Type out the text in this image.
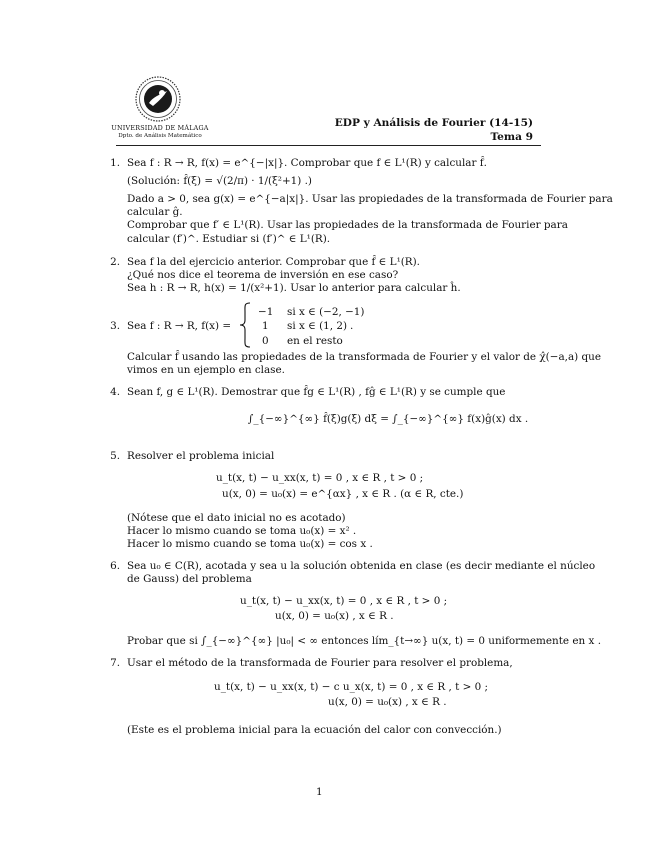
UNIVERSIDAD DE MÁLAGA
Dpto. de Análisis Matemático
EDP y Análisis de Fourier (14-15)
Tema 9
1. Sea f : R → R, f(x) = e^{−|x|}. Comprobar que f ∈ L¹(R) y calcular f̂.
(Solución: f̂(ξ) = √(2/π) · 1/(ξ²+1) .)
Dado a > 0, sea g(x) = e^{−a|x|}. Usar las propiedades de la transformada de Fourier para
calcular ĝ.
Comprobar que f′ ∈ L¹(R). Usar las propiedades de la transformada de Fourier para
calcular (f′)^. Estudiar si (f′)^ ∈ L¹(R).
2. Sea f la del ejercicio anterior. Comprobar que f̂ ∈ L¹(R).
¿Qué nos dice el teorema de inversión en ese caso?
Sea h : R → R, h(x) = 1/(x²+1). Usar lo anterior para calcular ĥ.
3. Sea f : R → R, f(x) =
−1 si x ∈ (−2, −1)
1 si x ∈ (1, 2)
0 en el resto
.
Calcular f̂ usando las propiedades de la transformada de Fourier y el valor de χ̂(−a,a) que
vimos en un ejemplo en clase.
4. Sean f, g ∈ L¹(R). Demostrar que f̂g ∈ L¹(R) , fĝ ∈ L¹(R) y se cumple que
∫_{−∞}^{∞} f̂(ξ)g(ξ) dξ = ∫_{−∞}^{∞} f(x)ĝ(x) dx .
5. Resolver el problema inicial
u_t(x, t) − u_xx(x, t) = 0 , x ∈ R , t > 0 ;
u(x, 0) = u₀(x) = e^{αx} , x ∈ R . (α ∈ R, cte.)
(Nótese que el dato inicial no es acotado)
Hacer lo mismo cuando se toma u₀(x) = x² .
Hacer lo mismo cuando se toma u₀(x) = cos x .
6. Sea u₀ ∈ C(R), acotada y sea u la solución obtenida en clase (es decir mediante el núcleo
de Gauss) del problema
u_t(x, t) − u_xx(x, t) = 0 , x ∈ R , t > 0 ;
u(x, 0) = u₀(x) , x ∈ R .
Probar que si ∫_{−∞}^{∞} |u₀| < ∞ entonces lím_{t→∞} u(x, t) = 0 uniformemente en x .
7. Usar el método de la transformada de Fourier para resolver el problema,
u_t(x, t) − u_xx(x, t) − c u_x(x, t) = 0 , x ∈ R , t > 0 ;
u(x, 0) = u₀(x) , x ∈ R .
(Este es el problema inicial para la ecuación del calor con convección.)
1
